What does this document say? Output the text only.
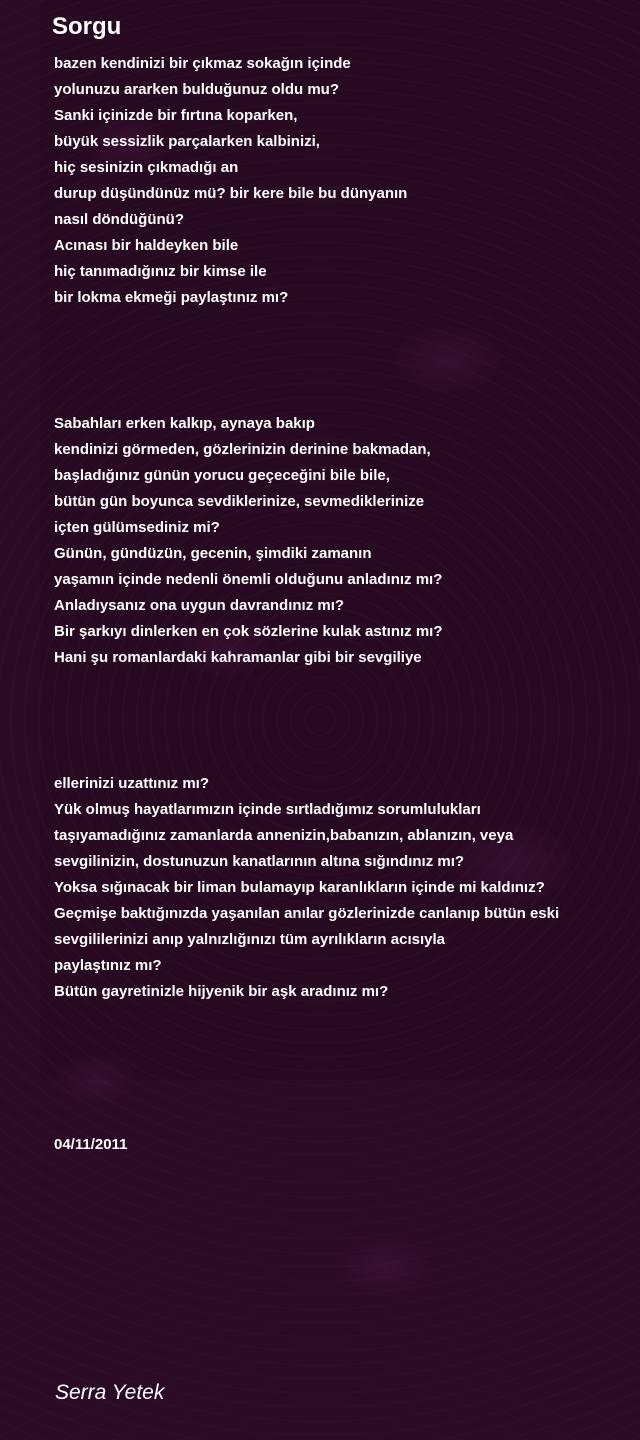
Sorgu
bazen kendinizi bir çıkmaz sokağın içinde
yolunuzu ararken bulduğunuz oldu mu?
Sanki içinizde bir fırtına koparken,
büyük sessizlik parçalarken kalbinizi,
hiç sesinizin çıkmadığı an
durup düşündünüz mü? bir kere bile bu dünyanın
nasıl döndüğünü?
Acınası bir haldeyken bile
hiç tanımadığınız bir kimse ile
bir lokma ekmeği paylaştınız mı?
Sabahları erken kalkıp, aynaya bakıp
kendinizi görmeden, gözlerinizin derinine bakmadan,
başladığınız günün yorucu geçeceğini bile bile,
bütün gün boyunca sevdiklerinize, sevmediklerinize
içten gülümsediniz mi?
Günün, gündüzün, gecenin, şimdiki zamanın
yaşamın içinde nedenli önemli olduğunu anladınız mı?
Anladıysanız ona uygun davrandınız mı?
Bir şarkıyı dinlerken en çok sözlerine kulak astınız mı?
Hani şu romanlardaki kahramanlar gibi bir sevgiliye
ellerinizi uzattınız mı?
Yük olmuş hayatlarımızın içinde sırtladığımız sorumlulukları
taşıyamadığınız zamanlarda annenizin,babanızın, ablanızın, veya
sevgilinizin, dostunuzun kanatlarının altına sığındınız mı?
Yoksa sığınacak bir liman bulamayıp karanlıkların içinde mi kaldınız?
Geçmişe baktığınızda yaşanılan anılar gözlerinizde canlanıp bütün eski
sevgililerinizi anıp yalnızlığınızı tüm ayrılıkların acısıyla
paylaştınız mı?
Bütün gayretinizle hijyenik bir aşk aradınız mı?
04/11/2011
Serra Yetek
